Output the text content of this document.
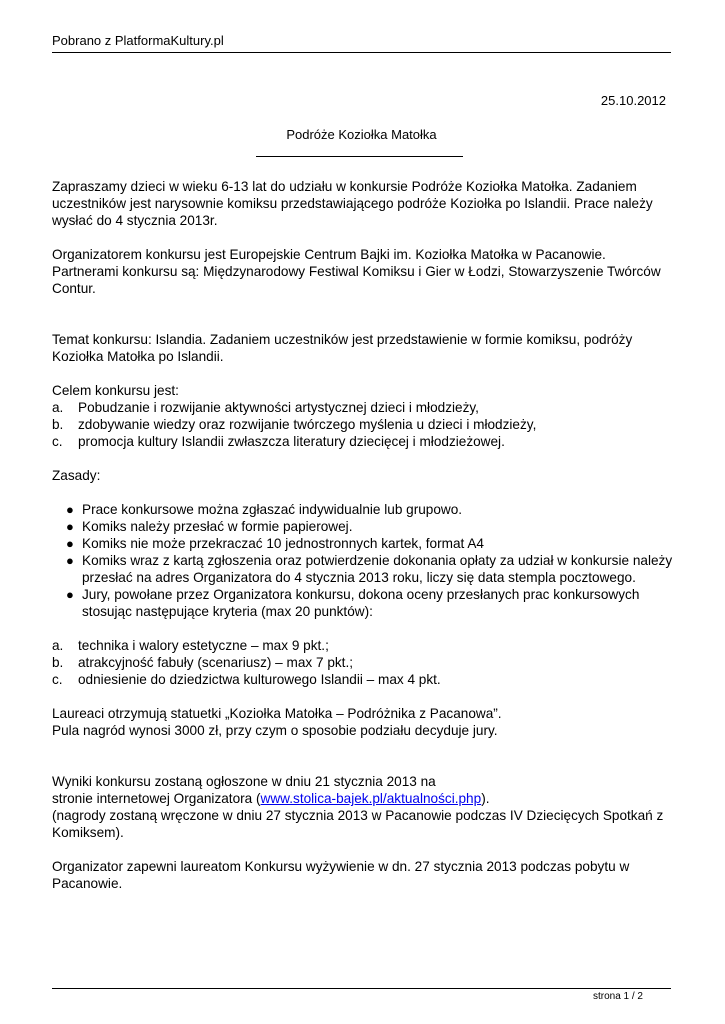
Pobrano z PlatformaKultury.pl
25.10.2012
Podróże Koziołka Matołka

Zapraszamy dzieci w wieku 6-13 lat do udziału w konkursie Podróże Koziołka Matołka. Zadaniem uczestników jest narysownie komiksu przedstawiającego podróże Koziołka po Islandii. Prace należy wysłać do 4 stycznia 2013r.

Organizatorem konkursu jest Europejskie Centrum Bajki im. Koziołka Matołka w Pacanowie. Partnerami konkursu są: Międzynarodowy Festiwal Komiksu i Gier w Łodzi, Stowarzyszenie Twórców Contur.

Temat konkursu: Islandia. Zadaniem uczestników jest przedstawienie w formie komiksu, podróży Koziołka Matołka po Islandii.

Celem konkursu jest:

a.	Pobudzanie i rozwijanie aktywności artystycznej dzieci i młodzieży,
b.	zdobywanie wiedzy oraz rozwijanie twórczego myślenia u dzieci i młodzieży,
c.	promocja kultury Islandii zwłaszcza literatury dziecięcej i młodzieżowej.

Zasady:

● Prace konkursowe można zgłaszać indywidualnie lub grupowo.
● Komiks należy przesłać w formie papierowej.
● Komiks nie może przekraczać 10 jednostronnych kartek, format A4
● Komiks wraz z kartą zgłoszenia oraz potwierdzenie dokonania opłaty za udział w konkursie należy przesłać na adres Organizatora do 4 stycznia 2013 roku, liczy się data stempla pocztowego.
● Jury, powołane przez Organizatora konkursu, dokona oceny przesłanych prac konkursowych stosując następujące kryteria (max 20 punktów):
a.	technika i walory estetyczne – max 9 pkt.;
b.	atrakcyjność fabuły (scenariusz) – max 7 pkt.;
c.	odniesienie do dziedzictwa kulturowego Islandii – max 4 pkt.

Laureaci otrzymują statuetki „Koziołka Matołka – Podróżnika z Pacanowa”.

Pula nagród wynosi 3000 zł, przy czym o sposobie podziału decyduje jury.

Wyniki konkursu zostaną ogłoszone w dniu 21 stycznia 2013 na

stronie internetowej Organizatora (www.stolica-bajek.pl/aktualności.php).

(nagrody zostaną wręczone w dniu 27 stycznia 2013 w Pacanowie podczas IV Dziecięcych Spotkań z Komiksem).

Organizator zapewni laureatom Konkursu wyżywienie w dn. 27 stycznia 2013 podczas pobytu w Pacanowie.

strona 1 / 2
